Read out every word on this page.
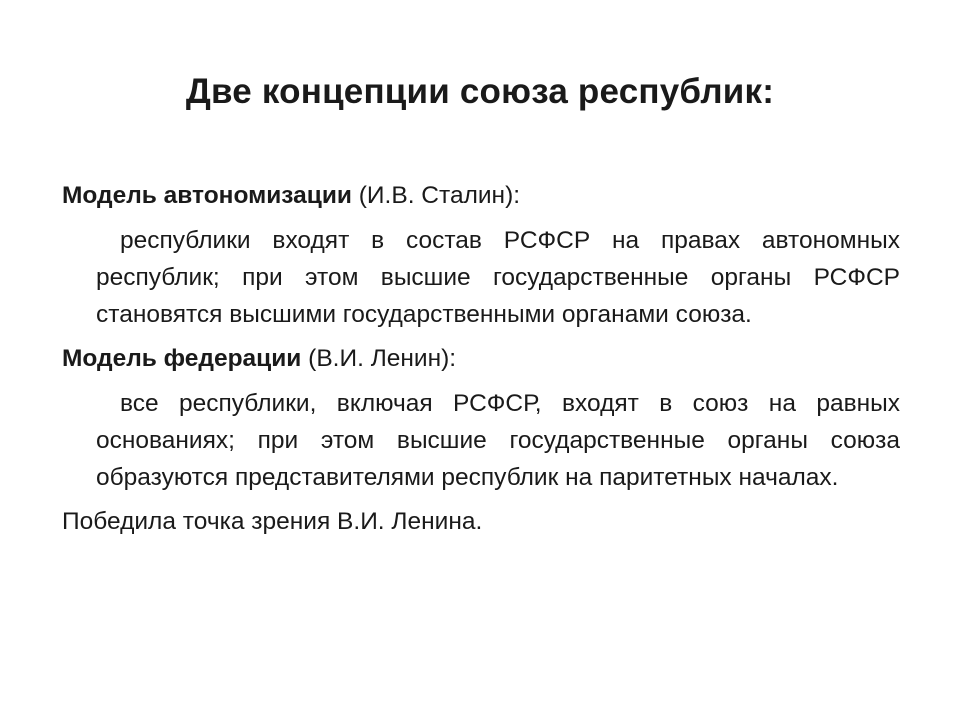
Две концепции союза республик:

Модель автономизации (И.В. Сталин):

республики входят в состав РСФСР на правах автономных республик; при этом высшие государственные органы РСФСР становятся высшими государственными органами союза.

Модель федерации (В.И. Ленин):

все республики, включая РСФСР, входят в союз на равных основаниях; при этом высшие государственные органы союза образуются представителями республик на паритетных началах.

Победила точка зрения В.И. Ленина.
